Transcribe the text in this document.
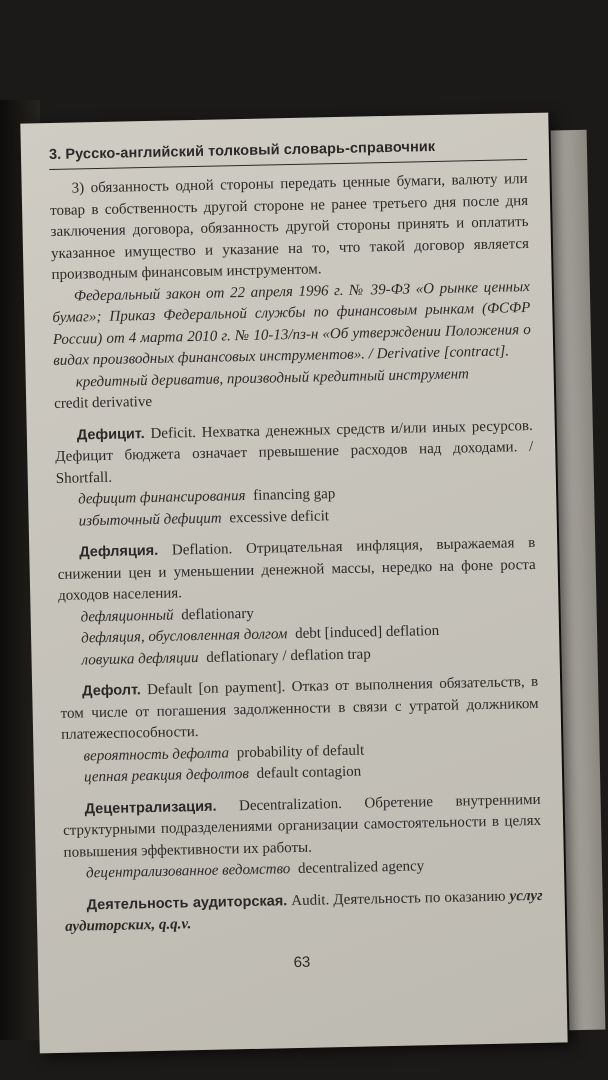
3. Русско-английский толковый словарь-справочник

3) обязанность одной стороны передать ценные бумаги, валюту или товар в собственность другой стороне не ранее третьего дня после дня заключения договора, обязанность другой стороны принять и оплатить указанное имущество и указание на то, что такой договор является производным финансовым инструментом.

Федеральный закон от 22 апреля 1996 г. № 39-ФЗ «О рынке ценных бумаг»; Приказ Федеральной службы по финансовым рынкам (ФСФР России) от 4 марта 2010 г. № 10-13/пз-н «Об утверждении Положения о видах производных финансовых инструментов». / Derivative [contract].

кредитный дериватив, производный кредитный инструмент

credit derivative

Дефицит. Deficit. Нехватка денежных средств и/или иных ресурсов. Дефицит бюджета означает превышение расходов над доходами. / Shortfall.

дефицит финансирования financing gap

избыточный дефицит excessive deficit

Дефляция. Deflation. Отрицательная инфляция, выражаемая в снижении цен и уменьшении денежной массы, нередко на фоне роста доходов населения.

дефляционный deflationary

дефляция, обусловленная долгом debt [induced] deflation

ловушка дефляции deflationary / deflation trap

Дефолт. Default [on payment]. Отказ от выполнения обязательств, в том числе от погашения задолженности в связи с утратой должником платежеспособности.

вероятность дефолта probability of default

цепная реакция дефолтов default contagion

Децентрализация. Decentralization. Обретение внутренними структурными подразделениями организации самостоятельности в целях повышения эффективности их работы.

децентрализованное ведомство decentralized agency

Деятельность аудиторская. Audit. Деятельность по оказанию услуг аудиторских, q.q.v.

63
